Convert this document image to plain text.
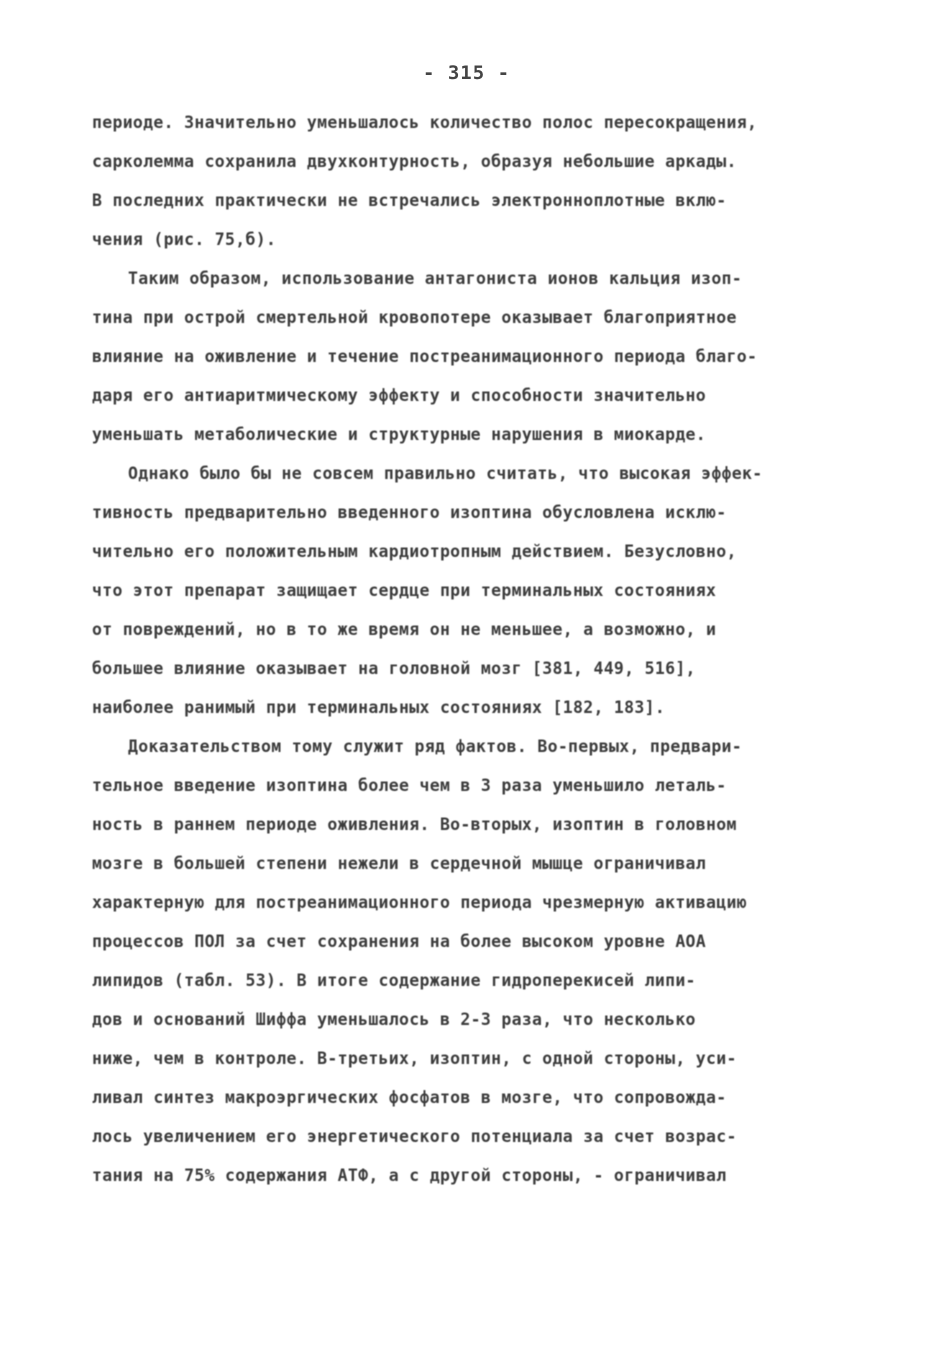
- 315 -
периоде. Значительно уменьшалось количество полос пересокращения,
сарколемма сохранила двухконтурность, образуя небольшие аркады.
В последних практически не встречались электронноплотные вклю-
чения (рис. 75,б).
Таким образом, использование антагониста ионов кальция изоп-
тина при острой смертельной кровопотере оказывает благоприятное
влияние на оживление и течение постреанимационного периода благо-
даря его антиаритмическому эффекту и способности значительно
уменьшать метаболические и структурные нарушения в миокарде.
Однако было бы не совсем правильно считать, что высокая эффек-
тивность предварительно введенного изоптина обусловлена исклю-
чительно его положительным кардиотропным действием. Безусловно,
что этот препарат защищает сердце при терминальных состояниях
от повреждений, но в то же время он не меньшее, а возможно, и
большее влияние оказывает на головной мозг [381, 449, 516],
наиболее ранимый при терминальных состояниях [182, 183].
Доказательством тому служит ряд фактов. Во-первых, предвари-
тельное введение изоптина более чем в 3 раза уменьшило леталь-
ность в раннем периоде оживления. Во-вторых, изоптин в головном
мозге в большей степени нежели в сердечной мышце ограничивал
характерную для постреанимационного периода чрезмерную активацию
процессов ПОЛ за счет сохранения на более высоком уровне АОА
липидов (табл. 53). В итоге содержание гидроперекисей липи-
дов и оснований Шиффа уменьшалось в 2-3 раза, что несколько
ниже, чем в контроле. В-третьих, изоптин, с одной стороны, уси-
ливал синтез макроэргических фосфатов в мозге, что сопровожда-
лось увеличением его энергетического потенциала за счет возрас-
тания на 75% содержания АТФ, а с другой стороны, - ограничивал
